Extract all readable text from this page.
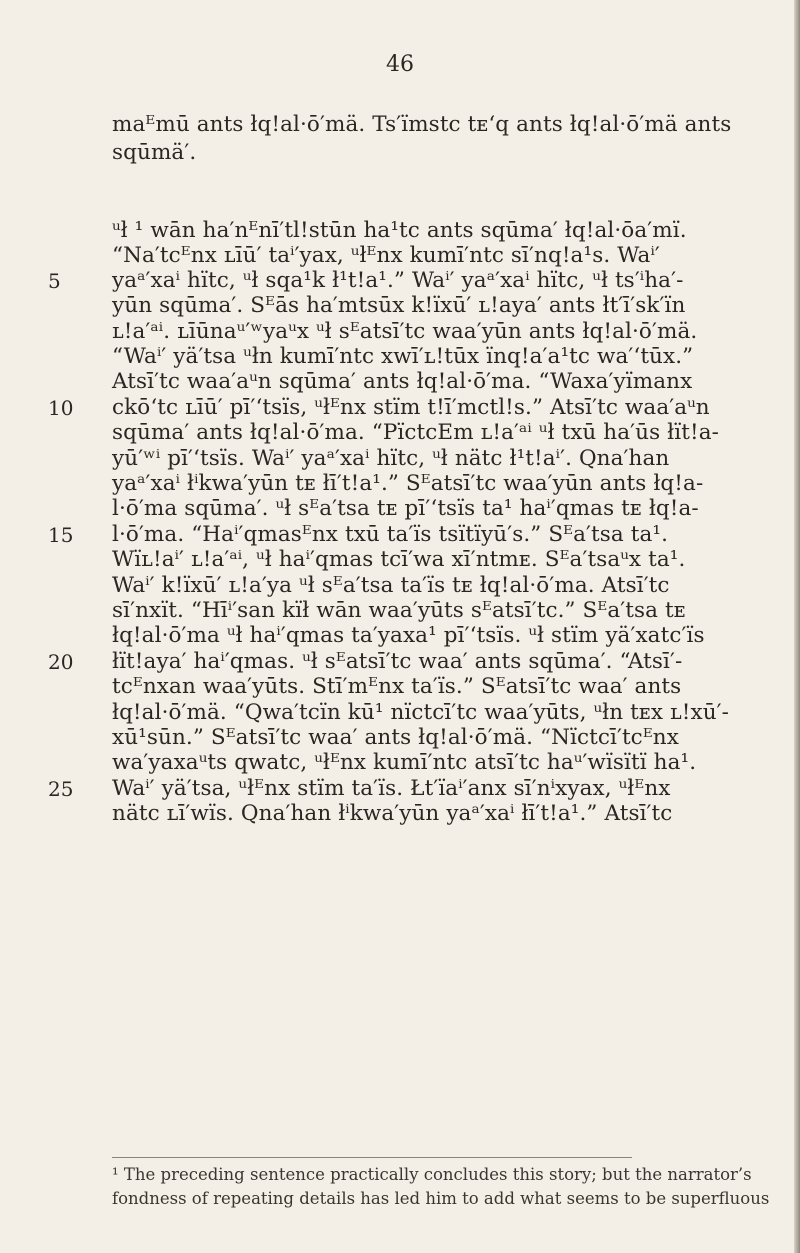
46
5
10
15
20
25
maᴱmū ants łq!al·ō′mä. Ts′ïmstc tᴇ‘q ants łq!al·ō′mä ants
sqūmä′.
ᵘł ¹ wān ha′nᴱnī′tl!stūn ha¹tc ants sqūma′ łq!al·ōa′mï.
“Na′tcᴱnx ʟīū′ taⁱ′yax, ᵘłᴱnx kumī′ntc sī′nq!a¹s. Waⁱ′
yaᵃ′xaⁱ hïtc, ᵘł sqa¹k ł¹t!a¹.” Waⁱ′ yaᵃ′xaⁱ hïtc, ᵘł ts′ⁱha′-
yūn sqūma′. Sᴱās ha′mtsūx k!ïxū′ ʟ!aya′ ants łt′ī′sk′ïn
ʟ!a′ᵃⁱ. ʟīūnaᵘ′ʷyaᵘx ᵘł sᴱatsī′tc waa′yūn ants łq!al·ō′mä.
“Waⁱ′ yä′tsa ᵘłn kumī′ntc xwī′ʟ!tūx ïnq!a′a¹tc wa′‘tūx.”
Atsī′tc waa′aᵘn sqūma′ ants łq!al·ō′ma. “Waxa′yïmanx
ckō‘tc ʟīū′ pī′‘tsïs, ᵘłᴱnx stïm t!ī′mctl!s.” Atsī′tc waa′aᵘn
sqūma′ ants łq!al·ō′ma. “PïctcEm ʟ!a′ᵃⁱ ᵘł txū ha′ūs łït!a-
yū′ʷⁱ pī′‘tsïs. Waⁱ′ yaᵃ′xaⁱ hïtc, ᵘł nätc ł¹t!aⁱ′. Qna′han
yaᵃ′xaⁱ łⁱkwa′yūn tᴇ łī′t!a¹.” Sᴱatsī′tc waa′yūn ants łq!a-
l·ō′ma sqūma′. ᵘł sᴱa′tsa tᴇ pī′‘tsïs ta¹ haⁱ′qmas tᴇ łq!a-
l·ō′ma. “Haⁱ′qmasᴱnx txū ta′ïs tsïtïyū′s.” Sᴱa′tsa ta¹.
Wïʟ!aⁱ′ ʟ!a′ᵃⁱ, ᵘł haⁱ′qmas tcī′wa xī′ntmᴇ. Sᴱa′tsaᵘx ta¹.
Waⁱ′ k!ïxū′ ʟ!a′ya ᵘł sᴱa′tsa ta′ïs tᴇ łq!al·ō′ma. Atsī′tc
sī′nxït. “Hīⁱ′san kïł wān waa′yūts sᴱatsī′tc.” Sᴱa′tsa tᴇ
łq!al·ō′ma ᵘł haⁱ′qmas ta′yaxa¹ pī′‘tsïs. ᵘł stïm yä′xatc′ïs
łït!aya′ haⁱ′qmas. ᵘł sᴱatsī′tc waa′ ants sqūma′. “Atsī′-
tcᴱnxan waa′yūts. Stī′mᴱnx ta′ïs.” Sᴱatsī′tc waa′ ants
łq!al·ō′mä. “Qwa′tcïn kū¹ nïctcī′tc waa′yūts, ᵘłn tᴇx ʟ!xū′-
xū¹sūn.” Sᴱatsī′tc waa′ ants łq!al·ō′mä. “Nïctcī′tcᴱnx
wa′yaxaᵘts qwatc, ᵘłᴱnx kumī′ntc atsī′tc haᵘ′wïsïtï ha¹.
Waⁱ′ yä′tsa, ᵘłᴱnx stïm ta′ïs. Łt′ïaⁱ′anx sī′nⁱxyax, ᵘłᴱnx
nätc ʟī′wïs. Qna′han łⁱkwa′yūn yaᵃ′xaⁱ łī′t!a¹.” Atsī′tc
¹ The preceding sentence practically concludes this story; but the narrator’s
fondness of repeating details has led him to add what seems to be superfluous
